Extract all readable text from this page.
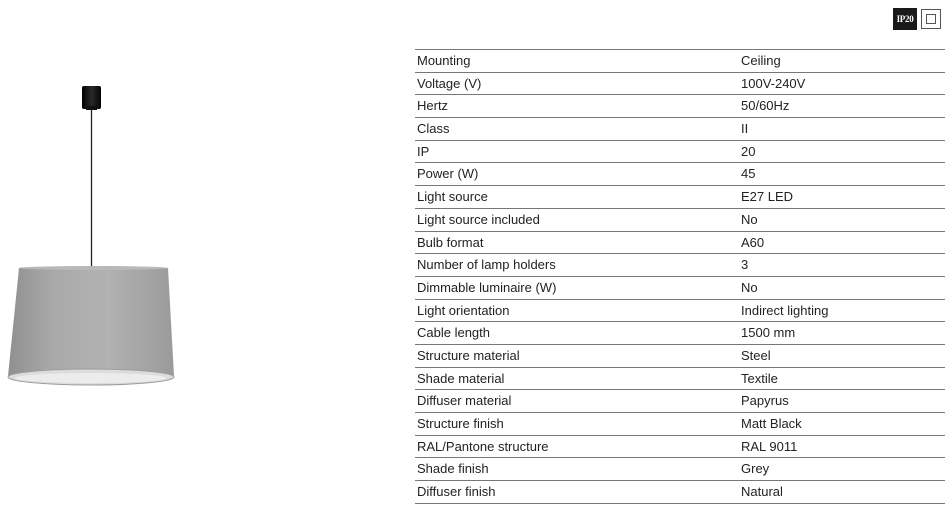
IP20
Mounting	Ceiling
Voltage (V)	100V-240V
Hertz	50/60Hz
Class	II
IP	20
Power (W)	45
Light source	E27 LED
Light source included	No
Bulb format	A60
Number of lamp holders	3
Dimmable luminaire (W)	No
Light orientation	Indirect lighting
Cable length	1500 mm
Structure material	Steel
Shade material	Textile
Diffuser material	Papyrus
Structure finish	Matt Black
RAL/Pantone structure	RAL 9011
Shade finish	Grey
Diffuser finish	Natural
